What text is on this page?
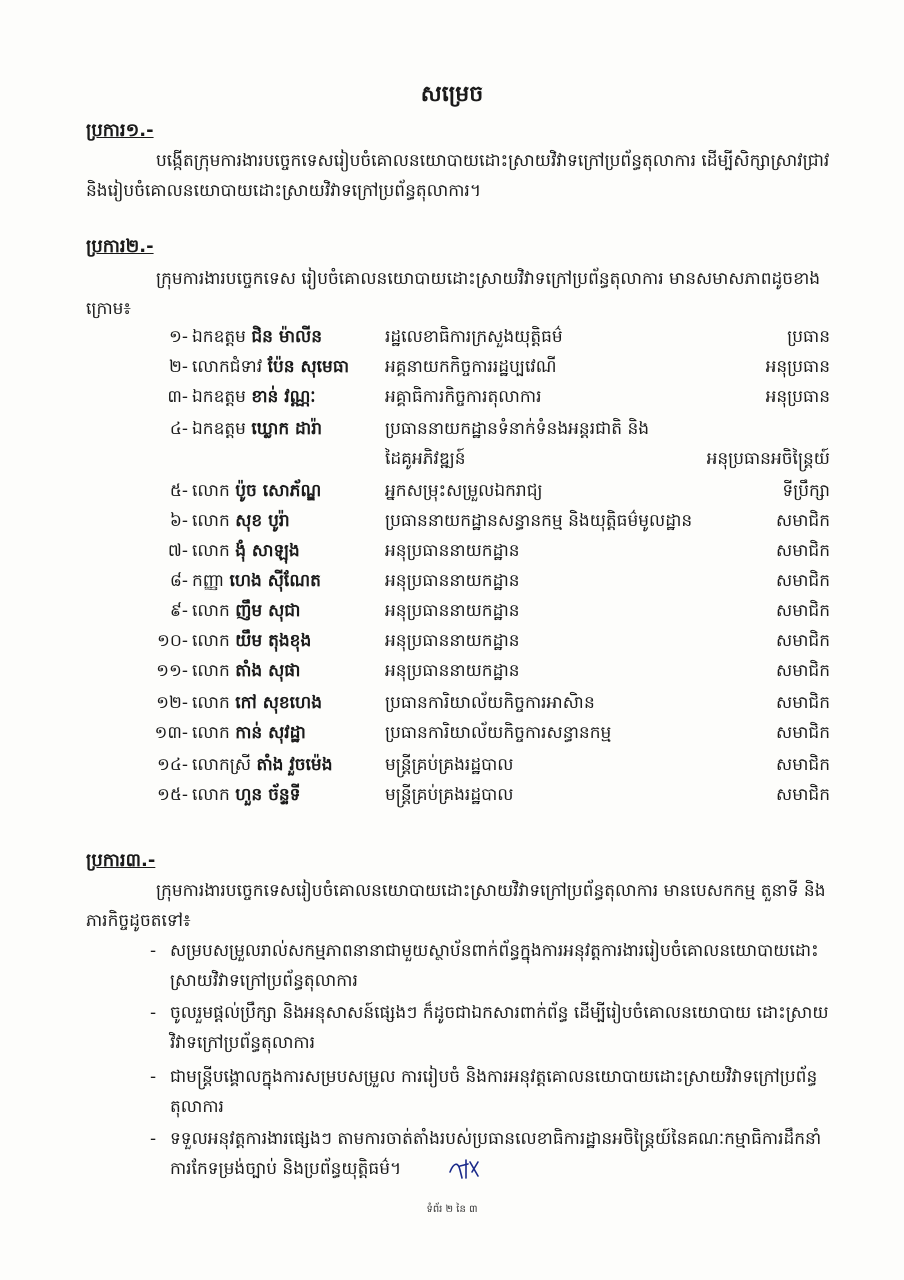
សម្រេច
ប្រការ១.-
បង្កើតក្រុមការងារបច្ចេកទេសរៀបចំគោលនយោបាយដោះស្រាយវិវាទក្រៅប្រព័ន្ធតុលាការ ដើម្បីសិក្សាស្រាវជ្រាវ និងរៀបចំគោលនយោបាយដោះស្រាយវិវាទក្រៅប្រព័ន្ធតុលាការ។
ប្រការ២.-
ក្រុមការងារបច្ចេកទេស រៀបចំគោលនយោបាយដោះស្រាយវិវាទក្រៅប្រព័ន្ធតុលាការ មានសមាសភាពដូចខាងក្រោម៖
១- ឯកឧត្តម ជិន ម៉ាលីន	រដ្ឋលេខាធិការក្រសួងយុត្តិធម៌	ប្រធាន
២- លោកជំទាវ ប៉ែន សុមេធា	អគ្គនាយកកិច្ចការរដ្ឋប្បវេណី	អនុប្រធាន
៣- ឯកឧត្តម ខាន់ វណ្ណៈ	អគ្គាធិការកិច្ចការតុលាការ	អនុប្រធាន
៤- ឯកឧត្តម ឃ្លោក ដារ៉ា	ប្រធាននាយកដ្ឋានទំនាក់ទំនងអន្តរជាតិ និង
ដៃគូអភិវឌ្ឍន៍	អនុប្រធានអចិន្ត្រៃយ៍
៥- លោក ប៉ូច សោភ័ណ្ឌ	អ្នកសម្រុះសម្រួលឯករាជ្យ	ទីប្រឹក្សា
៦- លោក សុខ បូរ៉ា	ប្រធាននាយកដ្ឋានសន្ធានកម្ម និងយុត្តិធម៌មូលដ្ឋាន	សមាជិក
៧- លោក ង៉ំ សាឡុង	អនុប្រធាននាយកដ្ឋាន	សមាជិក
៨- កញ្ញា ហេង ស៊ីណែត	អនុប្រធាននាយកដ្ឋាន	សមាជិក
៩- លោក ញឹម សុជា	អនុប្រធាននាយកដ្ឋាន	សមាជិក
១០- លោក យឹម តុងខុង	អនុប្រធាននាយកដ្ឋាន	សមាជិក
១១- លោក តាំង សុផា	អនុប្រធាននាយកដ្ឋាន	សមាជិក
១២- លោក កៅ សុខហេង	ប្រធានការិយាល័យកិច្ចការអាសិាន	សមាជិក
១៣- លោក កាន់ សុវដ្ឋា	ប្រធានការិយាល័យកិច្ចការសន្ធានកម្ម	សមាជិក
១៤- លោកស្រី តាំង វួចម៉េង	មន្ត្រីគ្រប់គ្រងរដ្ឋបាល	សមាជិក
១៥- លោក ហួន ច័ន្ទទី	មន្ត្រីគ្រប់គ្រងរដ្ឋបាល	សមាជិក
ប្រការ៣.-
ក្រុមការងារបច្ចេកទេសរៀបចំគោលនយោបាយដោះស្រាយវិវាទក្រៅប្រព័ន្ធតុលាការ មានបេសកកម្ម តួនាទី និងភារកិច្ចដូចតទៅ៖
- សម្របសម្រួលរាល់សកម្មភាពនានាជាមួយស្ថាប័នពាក់ព័ន្ធក្នុងការអនុវត្តការងាររៀបចំគោលនយោបាយដោះស្រាយវិវាទក្រៅប្រព័ន្ធតុលាការ
- ចូលរួមផ្ដល់ប្រឹក្សា និងអនុសាសន៍ផ្សេងៗ ក៏ដូចជាឯកសារពាក់ព័ន្ធ ដើម្បីរៀបចំគោលនយោបាយ ដោះស្រាយវិវាទក្រៅប្រព័ន្ធតុលាការ
- ជាមន្ត្រីបង្គោលក្នុងការសម្របសម្រួល ការរៀបចំ និងការអនុវត្តគោលនយោបាយដោះស្រាយវិវាទក្រៅប្រព័ន្ធតុលាការ
- ទទួលអនុវត្តការងារផ្សេងៗ តាមការចាត់តាំងរបស់ប្រធានលេខាធិការដ្ឋានអចិន្ត្រៃយ៍នៃគណៈកម្មាធិការដឹកនាំការកែទម្រង់ច្បាប់ និងប្រព័ន្ធយុត្តិធម៌។
ទំព័រ ២ នៃ ៣
